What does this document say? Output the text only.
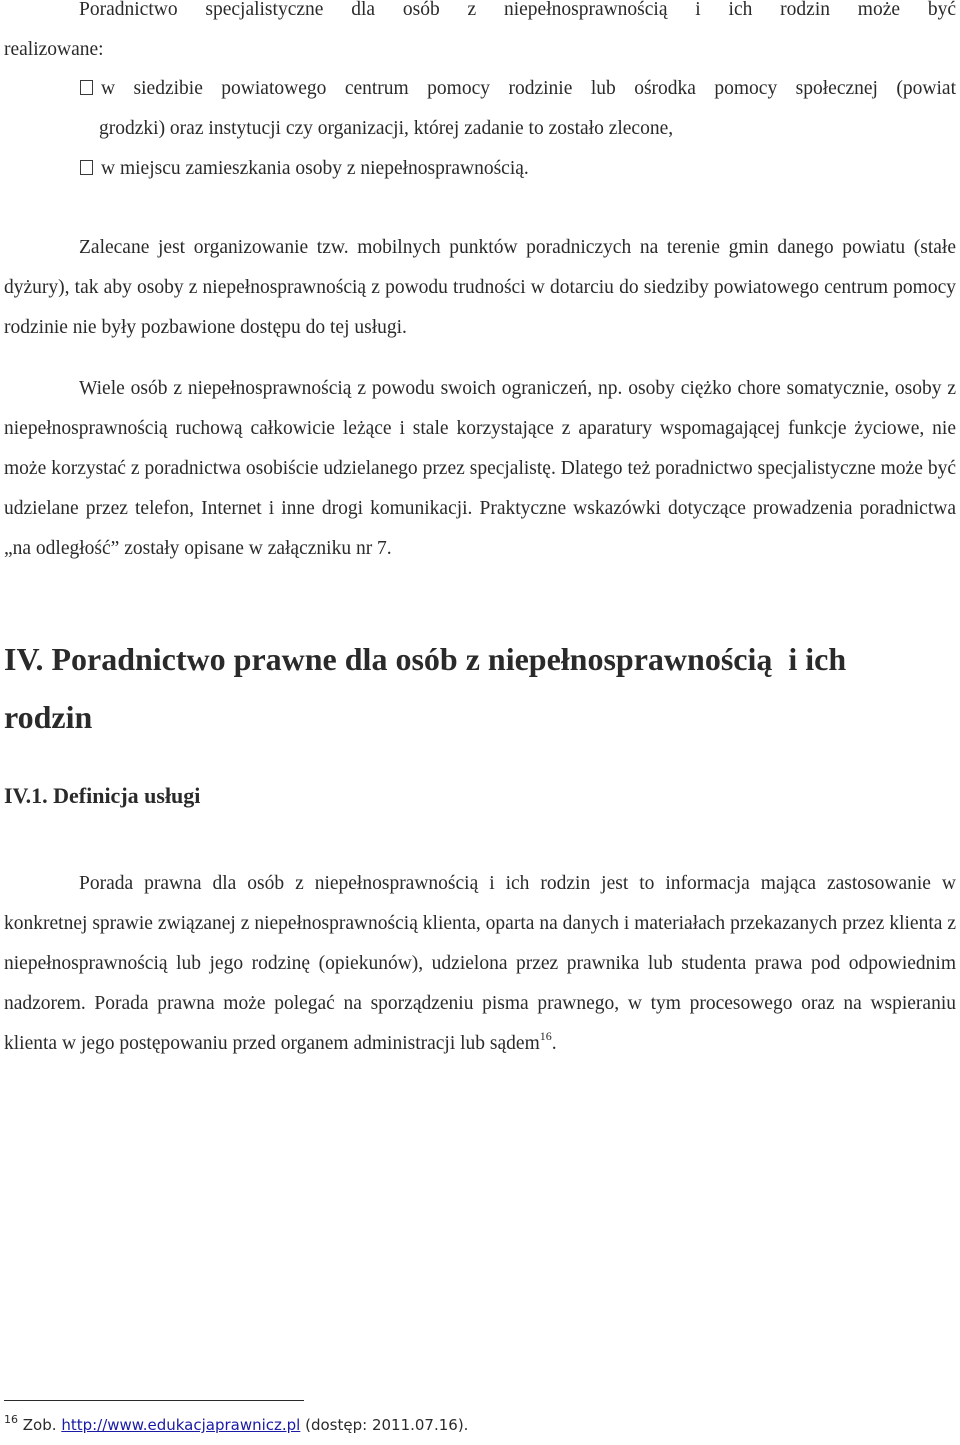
Poradnictwo specjalistyczne dla osób z niepełnosprawnością i ich rodzin może być

realizowane:

w siedzibie powiatowego centrum pomocy rodzinie lub ośrodka pomocy społecznej (powiat

grodzki) oraz instytucji czy organizacji, której zadanie to zostało zlecone,

w miejscu zamieszkania osoby z niepełnosprawnością.

Zalecane jest organizowanie tzw. mobilnych punktów poradniczych na terenie gmin danego powiatu (stałe dyżury), tak aby osoby z niepełnosprawnością z powodu trudności w dotarciu do siedziby powiatowego centrum pomocy rodzinie nie były pozbawione dostępu do tej usługi.

Wiele osób z niepełnosprawnością z powodu swoich ograniczeń, np. osoby ciężko chore somatycznie, osoby z niepełnosprawnością ruchową całkowicie leżące i stale korzystające z aparatury wspomagającej funkcje życiowe, nie może korzystać z poradnictwa osobiście udzielanego przez specjalistę. Dlatego też poradnictwo specjalistyczne może być udzielane przez telefon, Internet i inne drogi komunikacji. Praktyczne wskazówki dotyczące prowadzenia poradnictwa „na odległość” zostały opisane w załączniku nr 7.

IV. Poradnictwo prawne dla osób z niepełnosprawnością  i ich
rodzin
IV.1. Definicja usługi

Porada prawna dla osób z niepełnosprawnością i ich rodzin jest to informacja mająca zastosowanie w konkretnej sprawie związanej z niepełnosprawnością klienta, oparta na danych i materiałach przekazanych przez klienta z niepełnosprawnością lub jego rodzinę (opiekunów), udzielona przez prawnika lub studenta prawa pod odpowiednim nadzorem. Porada prawna może polegać na sporządzeniu pisma prawnego, w tym procesowego oraz na wspieraniu klienta w jego postępowaniu przed organem administracji lub sądem$^{16}$.

$^{16}$ Zob. http://www.edukacjaprawnicz.pl (dostęp: 2011.07.16).
